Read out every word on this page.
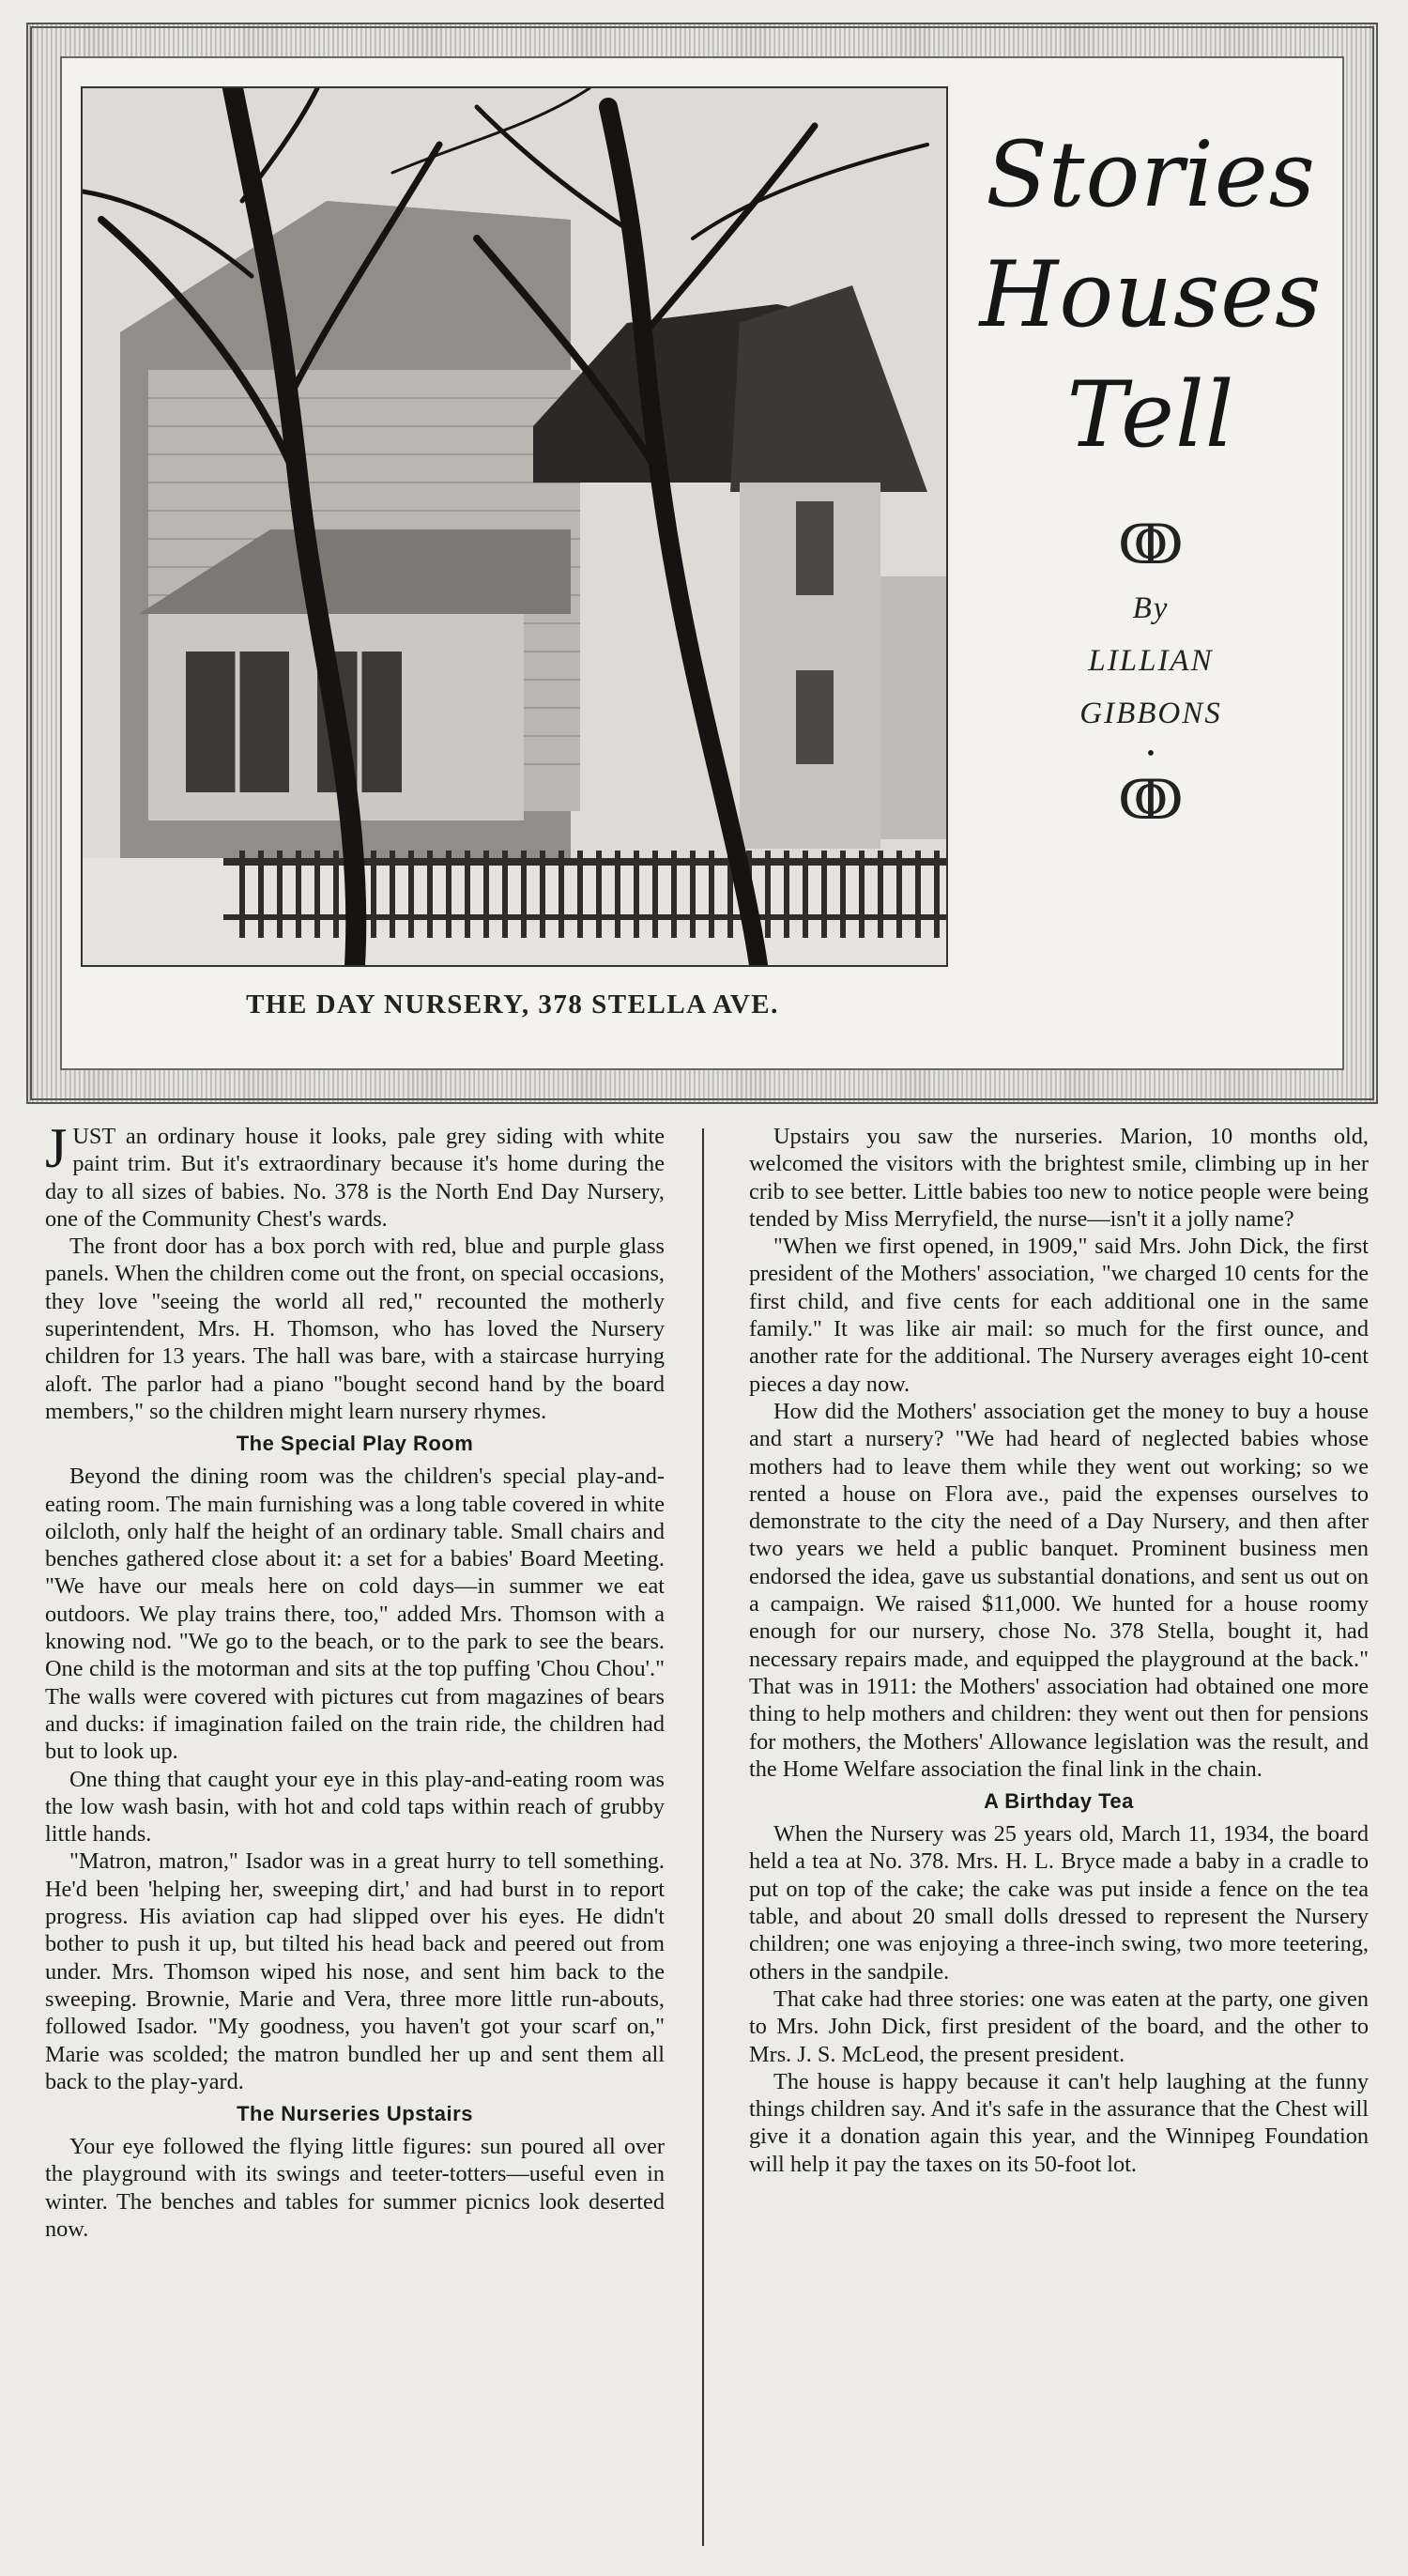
THE DAY NURSERY, 378 STELLA AVE.
Stories
Houses
Tell
ↂ
By
LILLIAN
GIBBONS
•
ↂ

JUST an ordinary house it looks, pale grey siding with white paint trim. But it's extraordinary because it's home during the day to all sizes of babies. No. 378 is the North End Day Nursery, one of the Community Chest's wards.

The front door has a box porch with red, blue and purple glass panels. When the children come out the front, on special occasions, they love "seeing the world all red," recounted the motherly superintendent, Mrs. H. Thomson, who has loved the Nursery children for 13 years. The hall was bare, with a staircase hurrying aloft. The parlor had a piano "bought second hand by the board members," so the children might learn nursery rhymes.

The Special Play Room

Beyond the dining room was the children's special play-and-eating room. The main furnishing was a long table covered in white oilcloth, only half the height of an ordinary table. Small chairs and benches gathered close about it: a set for a babies' Board Meeting. "We have our meals here on cold days—in summer we eat outdoors. We play trains there, too," added Mrs. Thomson with a knowing nod. "We go to the beach, or to the park to see the bears. One child is the motorman and sits at the top puffing 'Chou Chou'." The walls were covered with pictures cut from magazines of bears and ducks: if imagination failed on the train ride, the children had but to look up.

One thing that caught your eye in this play-and-eating room was the low wash basin, with hot and cold taps within reach of grubby little hands.

"Matron, matron," Isador was in a great hurry to tell something. He'd been 'helping her, sweeping dirt,' and had burst in to report progress. His aviation cap had slipped over his eyes. He didn't bother to push it up, but tilted his head back and peered out from under. Mrs. Thomson wiped his nose, and sent him back to the sweeping. Brownie, Marie and Vera, three more little run-abouts, followed Isador. "My goodness, you haven't got your scarf on," Marie was scolded; the matron bundled her up and sent them all back to the play-yard.

The Nurseries Upstairs

Your eye followed the flying little figures: sun poured all over the playground with its swings and teeter-totters—useful even in winter. The benches and tables for summer picnics look deserted now.

Upstairs you saw the nurseries. Marion, 10 months old, welcomed the visitors with the brightest smile, climbing up in her crib to see better. Little babies too new to notice people were being tended by Miss Merryfield, the nurse—isn't it a jolly name?

"When we first opened, in 1909," said Mrs. John Dick, the first president of the Mothers' association, "we charged 10 cents for the first child, and five cents for each additional one in the same family." It was like air mail: so much for the first ounce, and another rate for the additional. The Nursery averages eight 10-cent pieces a day now.

How did the Mothers' association get the money to buy a house and start a nursery? "We had heard of neglected babies whose mothers had to leave them while they went out working; so we rented a house on Flora ave., paid the expenses ourselves to demonstrate to the city the need of a Day Nursery, and then after two years we held a public banquet. Prominent business men endorsed the idea, gave us substantial donations, and sent us out on a campaign. We raised $11,000. We hunted for a house roomy enough for our nursery, chose No. 378 Stella, bought it, had necessary repairs made, and equipped the playground at the back." That was in 1911: the Mothers' association had obtained one more thing to help mothers and children: they went out then for pensions for mothers, the Mothers' Allowance legislation was the result, and the Home Welfare association the final link in the chain.

A Birthday Tea

When the Nursery was 25 years old, March 11, 1934, the board held a tea at No. 378. Mrs. H. L. Bryce made a baby in a cradle to put on top of the cake; the cake was put inside a fence on the tea table, and about 20 small dolls dressed to represent the Nursery children; one was enjoying a three-inch swing, two more teetering, others in the sandpile.

That cake had three stories: one was eaten at the party, one given to Mrs. John Dick, first president of the board, and the other to Mrs. J. S. McLeod, the present president.

The house is happy because it can't help laughing at the funny things children say. And it's safe in the assurance that the Chest will give it a donation again this year, and the Winnipeg Foundation will help it pay the taxes on its 50-foot lot.
